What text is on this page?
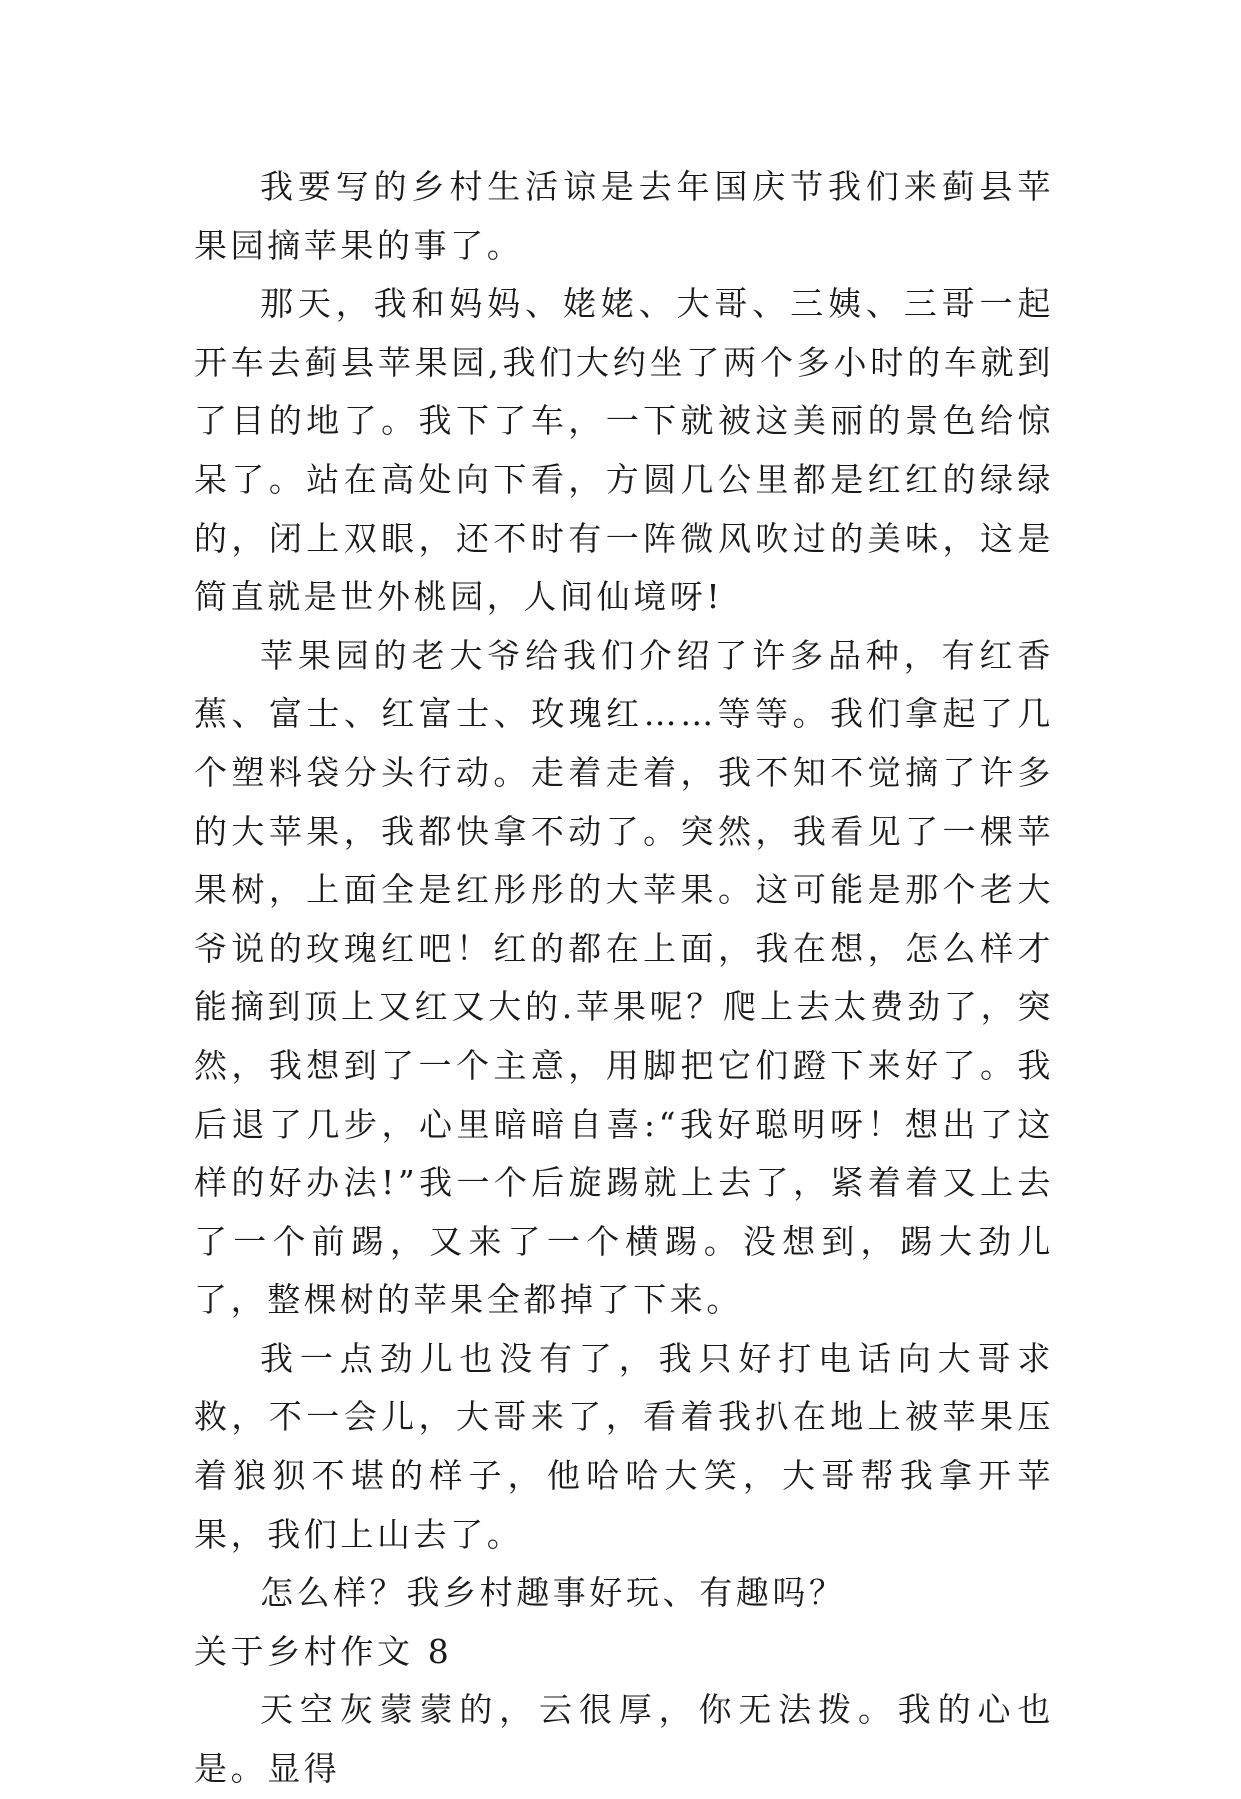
我要写的乡村生活谅是去年国庆节我们来蓟县苹果园摘苹果的事了。

那天，我和妈妈、姥姥、大哥、三姨、三哥一起开车去蓟县苹果园,我们大约坐了两个多小时的车就到了目的地了。我下了车，一下就被这美丽的景色给惊呆了。站在高处向下看，方圆几公里都是红红的绿绿的，闭上双眼，还不时有一阵微风吹过的美味，这是简直就是世外桃园，人间仙境呀!

苹果园的老大爷给我们介绍了许多品种，有红香蕉、富士、红富士、玫瑰红……等等。我们拿起了几个塑料袋分头行动。走着走着，我不知不觉摘了许多的大苹果，我都快拿不动了。突然，我看见了一棵苹果树，上面全是红彤彤的大苹果。这可能是那个老大爷说的玫瑰红吧！红的都在上面，我在想，怎么样才能摘到顶上又红又大的.苹果呢？爬上去太费劲了，突然，我想到了一个主意，用脚把它们蹬下来好了。我后退了几步，心里暗暗自喜:“我好聪明呀！想出了这样的好办法!”我一个后旋踢就上去了，紧着着又上去了一个前踢，又来了一个横踢。没想到，踢大劲儿了，整棵树的苹果全都掉了下来。

我一点劲儿也没有了，我只好打电话向大哥求救，不一会儿，大哥来了，看着我扒在地上被苹果压着狼狈不堪的样子，他哈哈大笑，大哥帮我拿开苹果，我们上山去了。

怎么样？我乡村趣事好玩、有趣吗？

关于乡村作文 8

天空灰蒙蒙的，云很厚，你无法拨。我的心也是。显得
